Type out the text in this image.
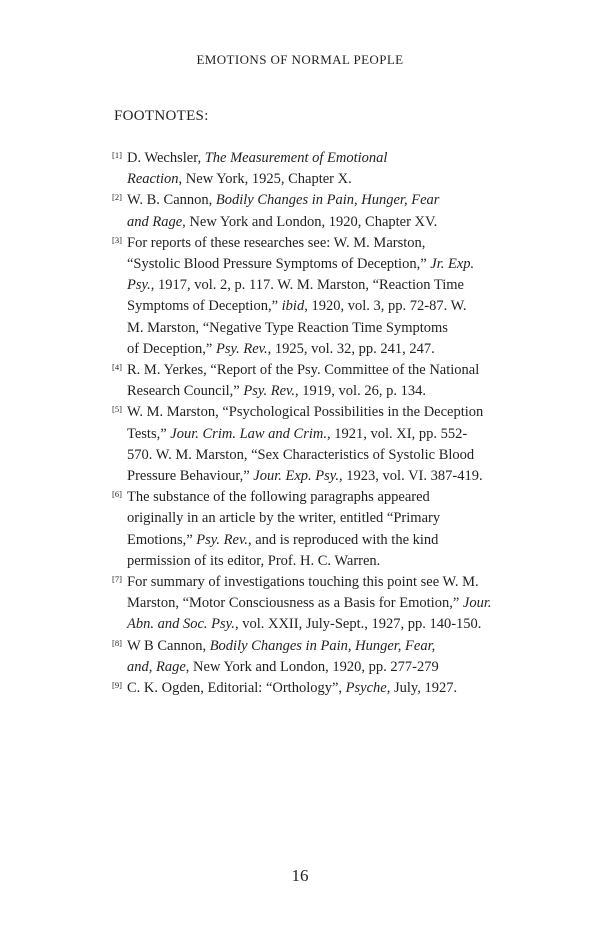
EMOTIONS OF NORMAL PEOPLE
FOOTNOTES:
[1] D. Wechsler, The Measurement of Emotional
Reaction, New York, 1925, Chapter X.
[2] W. B. Cannon, Bodily Changes in Pain, Hunger, Fear
and Rage, New York and London, 1920, Chapter XV.
[3] For reports of these researches see: W. M. Marston,
“Systolic Blood Pressure Symptoms of Deception,” Jr. Exp.
Psy., 1917, vol. 2, p. 117. W. M. Marston, “Reaction Time
Symptoms of Deception,” ibid, 1920, vol. 3, pp. 72-87. W.
M. Marston, “Negative Type Reaction Time Symptoms
of Deception,” Psy. Rev., 1925, vol. 32, pp. 241, 247.
[4] R. M. Yerkes, “Report of the Psy. Committee of the National
Research Council,” Psy. Rev., 1919, vol. 26, p. 134.
[5] W. M. Marston, “Psychological Possibilities in the Deception
Tests,” Jour. Crim. Law and Crim., 1921, vol. XI, pp. 552-
570. W. M. Marston, “Sex Characteristics of Systolic Blood
Pressure Behaviour,” Jour. Exp. Psy., 1923, vol. VI. 387-419.
[6] The substance of the following paragraphs appeared
originally in an article by the writer, entitled “Primary
Emotions,” Psy. Rev., and is reproduced with the kind
permission of its editor, Prof. H. C. Warren.
[7] For summary of investigations touching this point see W. M.
Marston, “Motor Consciousness as a Basis for Emotion,” Jour.
Abn. and Soc. Psy., vol. XXII, July-Sept., 1927, pp. 140-150.
[8] W B Cannon, Bodily Changes in Pain, Hunger, Fear,
and, Rage, New York and London, 1920, pp. 277-279
[9] C. K. Ogden, Editorial: “Orthology”, Psyche, July, 1927.
16
